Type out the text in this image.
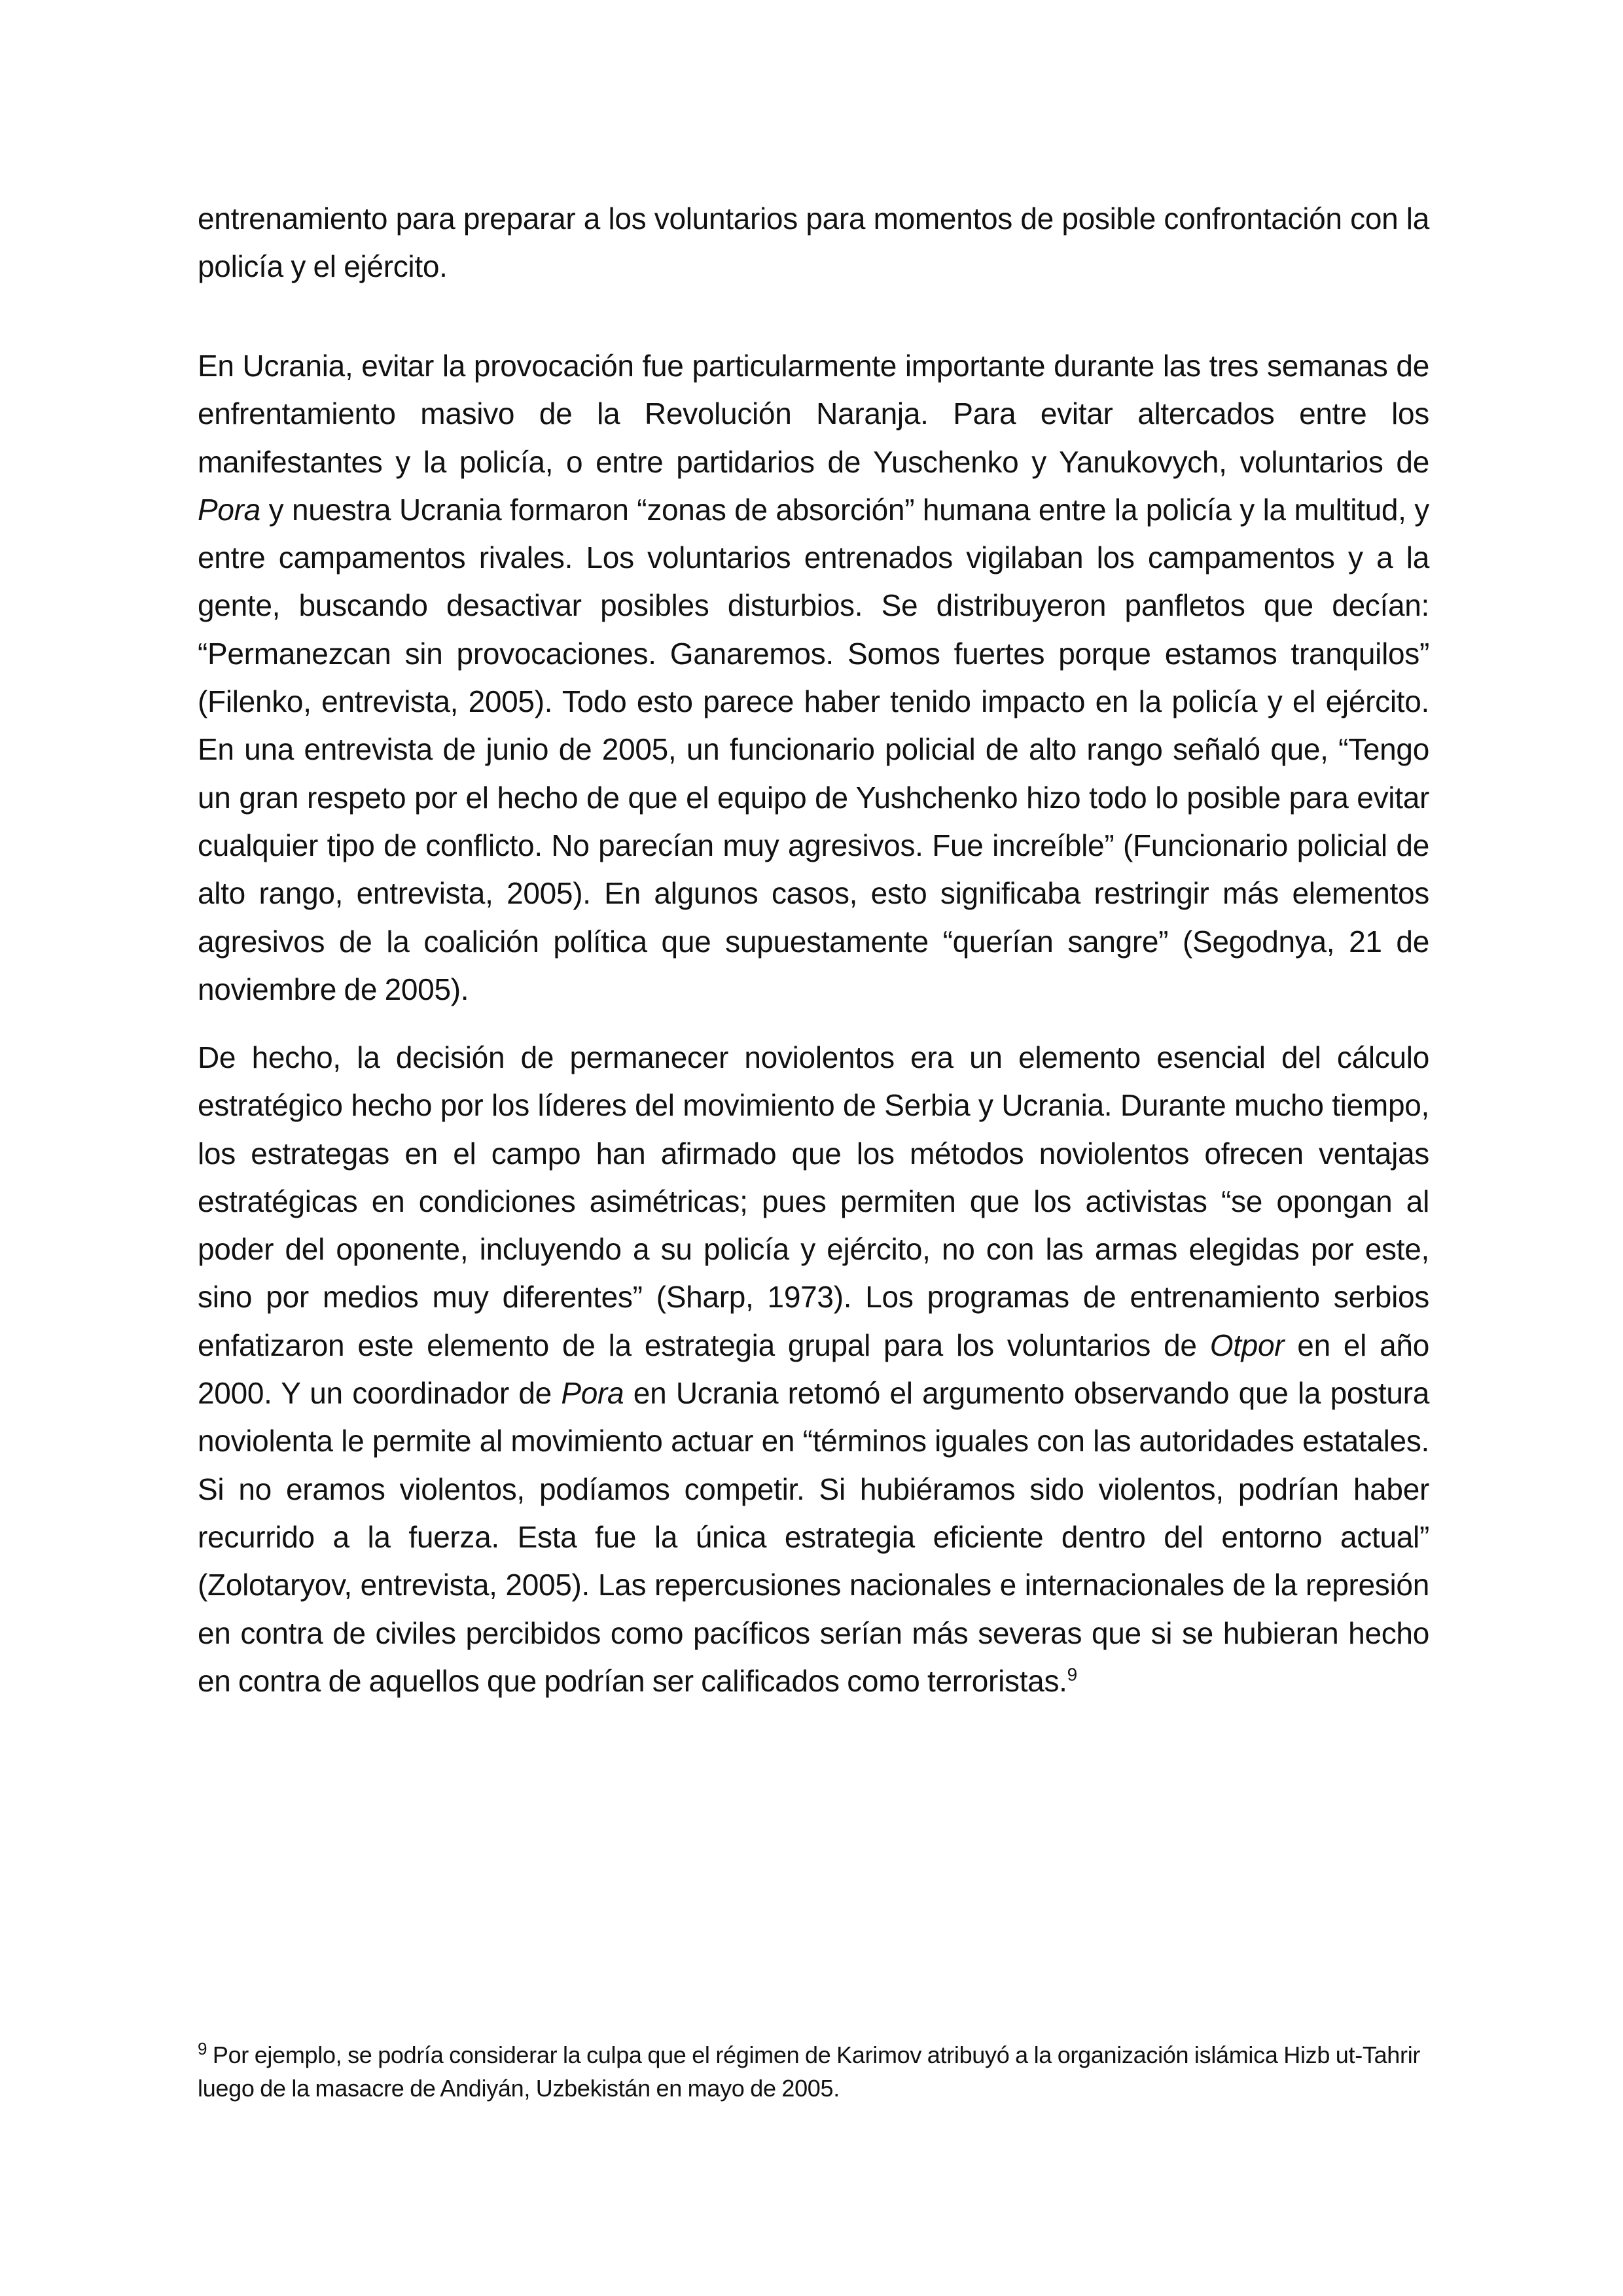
entrenamiento para preparar a los voluntarios para momentos de posible confrontación con la policía y el ejército.

En Ucrania, evitar la provocación fue particularmente importante durante las tres semanas de enfrentamiento masivo de la Revolución Naranja. Para evitar altercados entre los manifestantes y la policía, o entre partidarios de Yuschenko y Yanukovych, voluntarios de Pora y nuestra Ucrania formaron “zonas de absorción” humana entre la policía y la multitud, y entre campamentos rivales. Los voluntarios entrenados vigilaban los campamentos y a la gente, buscando desactivar posibles disturbios. Se distribuyeron panfletos que decían: “Permanezcan sin provocaciones. Ganaremos. Somos fuertes porque estamos tranquilos” (Filenko, entrevista, 2005). Todo esto parece haber tenido impacto en la policía y el ejército. En una entrevista de junio de 2005, un funcionario policial de alto rango señaló que, “Tengo un gran respeto por el hecho de que el equipo de Yushchenko hizo todo lo posible para evitar cualquier tipo de conflicto. No parecían muy agresivos. Fue increíble” (Funcionario policial de alto rango, entrevista, 2005). En algunos casos, esto significaba restringir más elementos agresivos de la coalición política que supuestamente “querían sangre” (Segodnya, 21 de noviembre de 2005).

De hecho, la decisión de permanecer noviolentos era un elemento esencial del cálculo estratégico hecho por los líderes del movimiento de Serbia y Ucrania. Durante mucho tiempo, los estrategas en el campo han afirmado que los métodos noviolentos ofrecen ventajas estratégicas en condiciones asimétricas; pues permiten que los activistas “se opongan al poder del oponente, incluyendo a su policía y ejército, no con las armas elegidas por este, sino por medios muy diferentes” (Sharp, 1973). Los programas de entrenamiento serbios enfatizaron este elemento de la estrategia grupal para los voluntarios de Otpor en el año 2000. Y un coordinador de Pora en Ucrania retomó el argumento observando que la postura noviolenta le permite al movimiento actuar en “términos iguales con las autoridades estatales. Si no eramos violentos, podíamos competir. Si hubiéramos sido violentos, podrían haber recurrido a la fuerza. Esta fue la única estrategia eficiente dentro del entorno actual” (Zolotaryov, entrevista, 2005). Las repercusiones nacionales e internacionales de la represión en contra de civiles percibidos como pacíficos serían más severas que si se hubieran hecho en contra de aquellos que podrían ser calificados como terroristas.$^9$

$^9$ Por ejemplo, se podría considerar la culpa que el régimen de Karimov atribuyó a la organización islámica Hizb ut-Tahrir luego de la masacre de Andiyán, Uzbekistán en mayo de 2005.
